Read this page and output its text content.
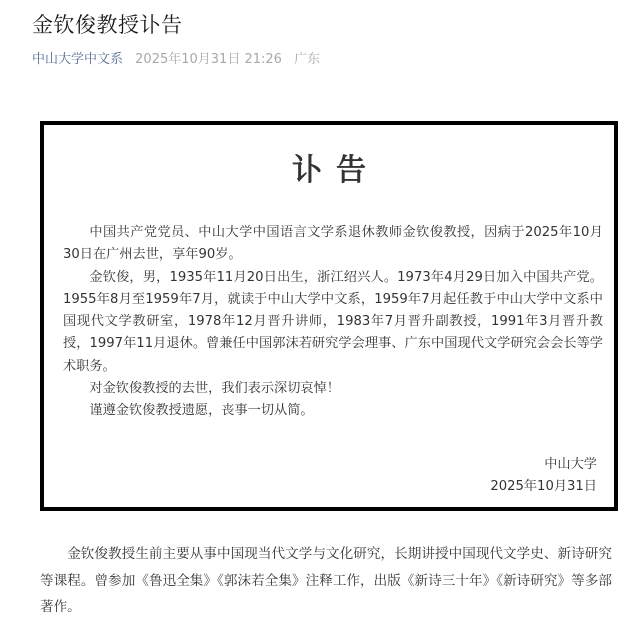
金钦俊教授讣告
中山大学中文系 2025年10月31日 21:26 广东
讣告

中国共产党党员、中山大学中国语言文学系退休教师金钦俊教授，因病于2025年10月30日在广州去世，享年90岁。

金钦俊，男，1935年11月20日出生，浙江绍兴人。1973年4月29日加入中国共产党。1955年8月至1959年7月，就读于中山大学中文系，1959年7月起任教于中山大学中文系中国现代文学教研室，1978年12月晋升讲师，1983年7月晋升副教授，1991年3月晋升教授，1997年11月退休。曾兼任中国郭沫若研究学会理事、广东中国现代文学研究会会长等学术职务。

对金钦俊教授的去世，我们表示深切哀悼！

谨遵金钦俊教授遗愿，丧事一切从简。

中山大学
2025年10月31日

金钦俊教授生前主要从事中国现当代文学与文化研究，长期讲授中国现代文学史、新诗研究等课程。曾参加《鲁迅全集》《郭沫若全集》注释工作，出版《新诗三十年》《新诗研究》等多部著作。
